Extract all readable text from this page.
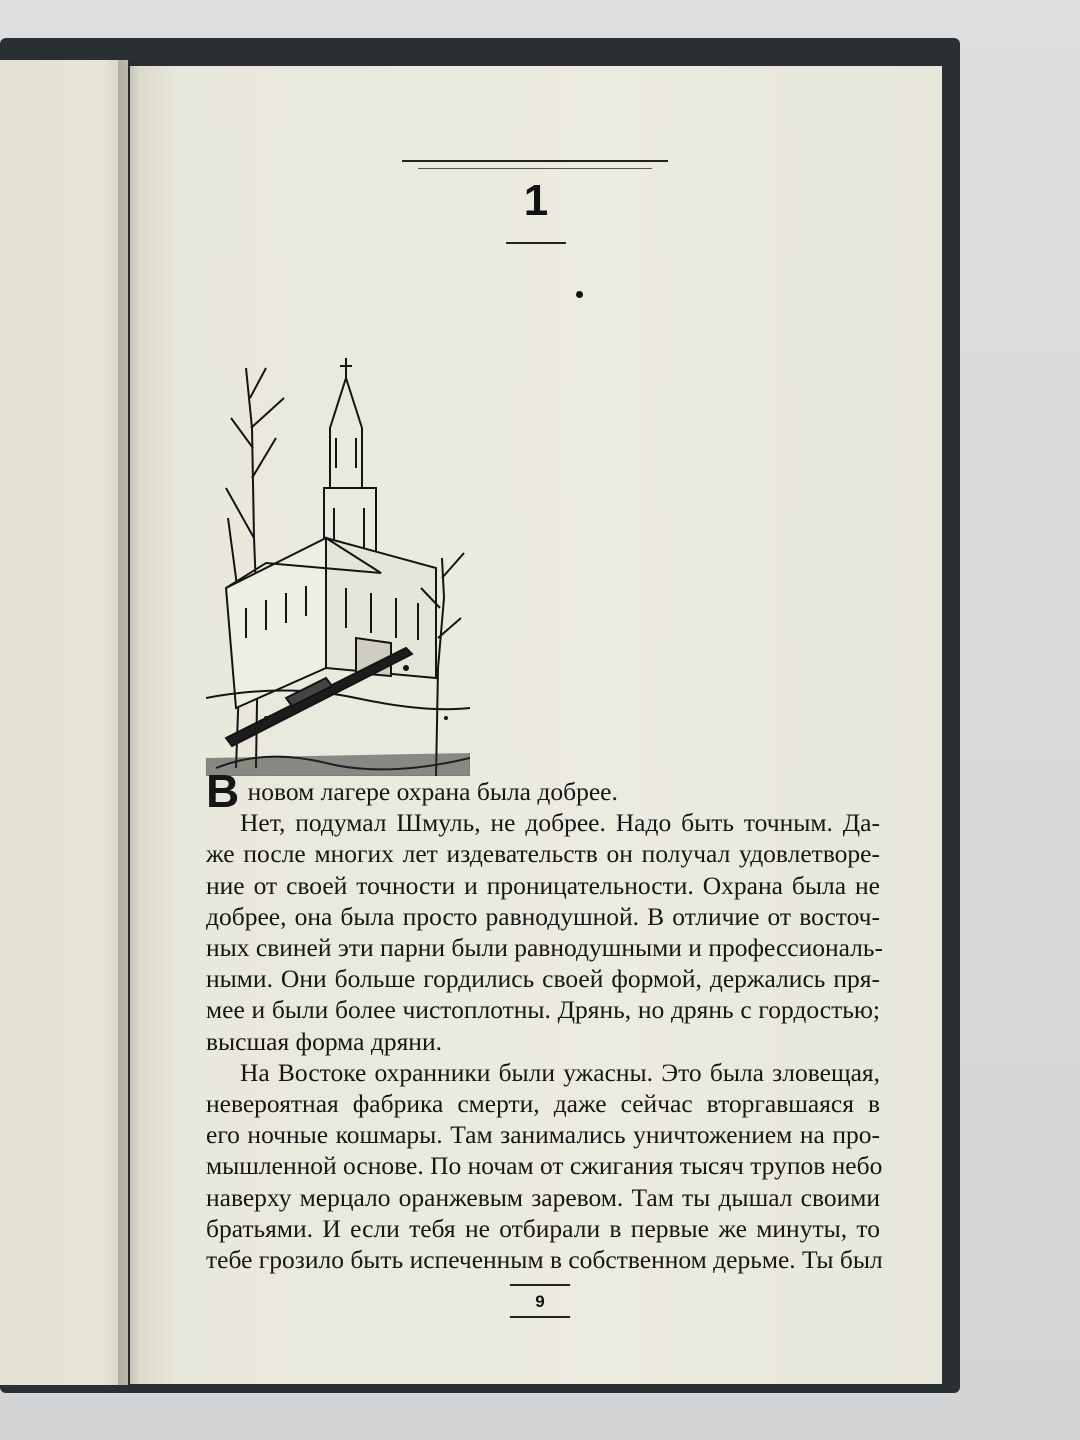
1
В новом лагере охрана была добрее.
Нет, подумал Шмуль, не добрее. Надо быть точным. Да-
же после многих лет издевательств он получал удовлетворе-
ние от своей точности и проницательности. Охрана была не
добрее, она была просто равнодушной. В отличие от восточ-
ных свиней эти парни были равнодушными и профессиональ-
ными. Они больше гордились своей формой, держались пря-
мее и были более чистоплотны. Дрянь, но дрянь с гордостью;
высшая форма дряни.
На Востоке охранники были ужасны. Это была зловещая,
невероятная фабрика смерти, даже сейчас вторгавшаяся в
его ночные кошмары. Там занимались уничтожением на про-
мышленной основе. По ночам от сжигания тысяч трупов небо
наверху мерцало оранжевым заревом. Там ты дышал своими
братьями. И если тебя не отбирали в первые же минуты, то
тебе грозило быть испеченным в собственном дерьме. Ты был
9
